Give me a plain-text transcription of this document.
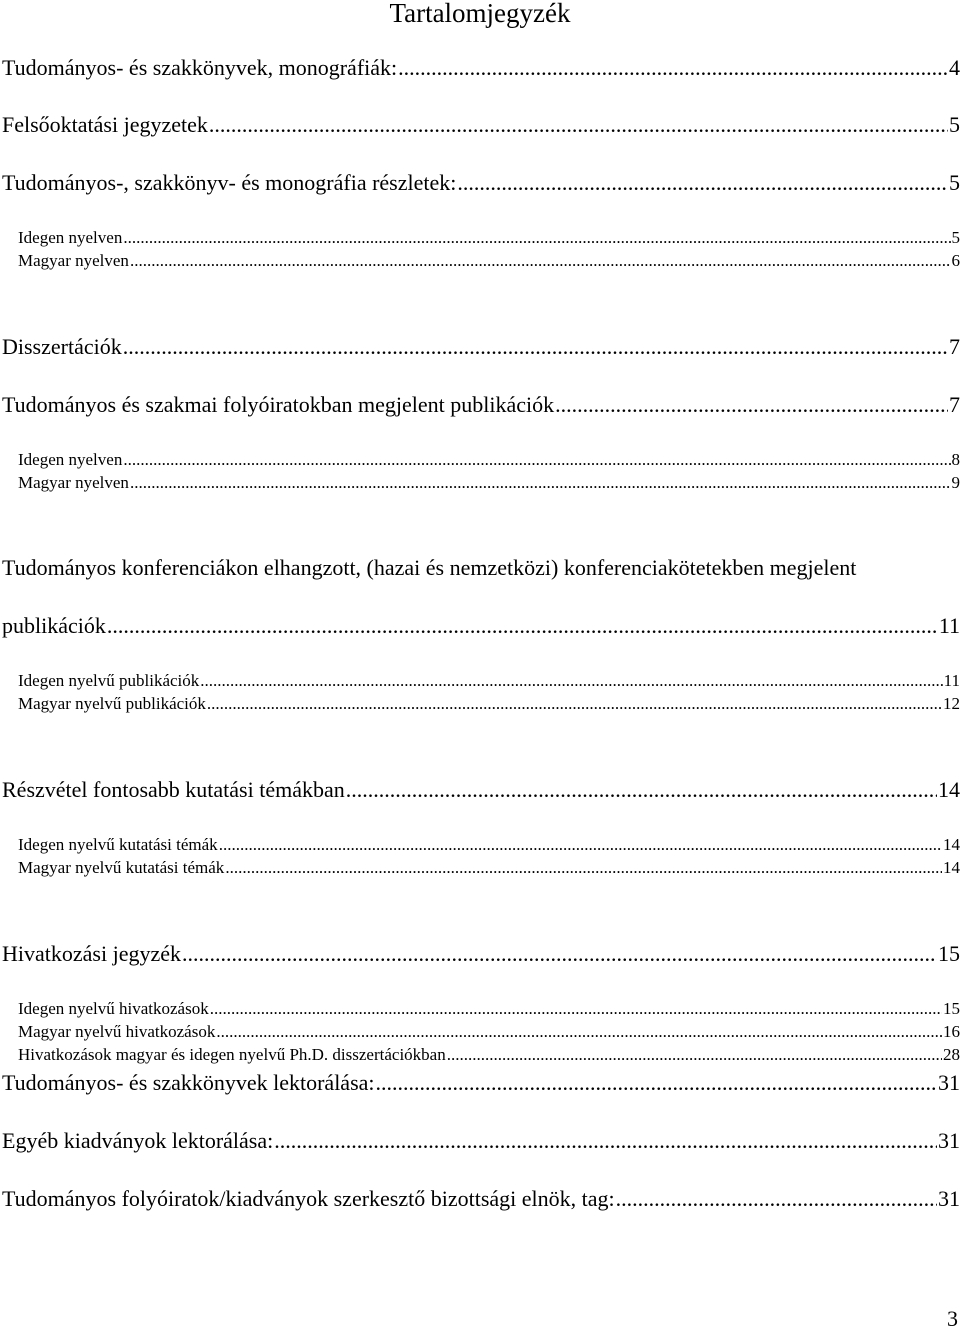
Tartalomjegyzék
Tudományos- és szakkönyvek, monográfiák: .....	4
Felsőoktatási jegyzetek .....	5
Tudományos-, szakkönyv- és monográfia részletek: .....	5
Idegen nyelven .....	5
Magyar nyelven .....	6
Disszertációk .....	7
Tudományos és szakmai folyóiratokban megjelent publikációk .....	7
Idegen nyelven .....	8
Magyar nyelven .....	9
Tudományos konferenciákon elhangzott, (hazai és nemzetközi) konferenciakötetekben megjelent
publikációk .....	11
Idegen nyelvű publikációk .....	11
Magyar nyelvű publikációk .....	12
Részvétel fontosabb kutatási témákban .....	14
Idegen nyelvű kutatási témák .....	14
Magyar nyelvű kutatási témák .....	14
Hivatkozási jegyzék .....	15
Idegen nyelvű hivatkozások .....	15
Magyar nyelvű hivatkozások .....	16
Hivatkozások magyar és idegen nyelvű Ph.D. disszertációkban .....	28
Tudományos- és szakkönyvek lektorálása: .....	31
Egyéb kiadványok lektorálása: .....	31
Tudományos folyóiratok/kiadványok szerkesztő bizottsági elnök, tag: .....	31
3
